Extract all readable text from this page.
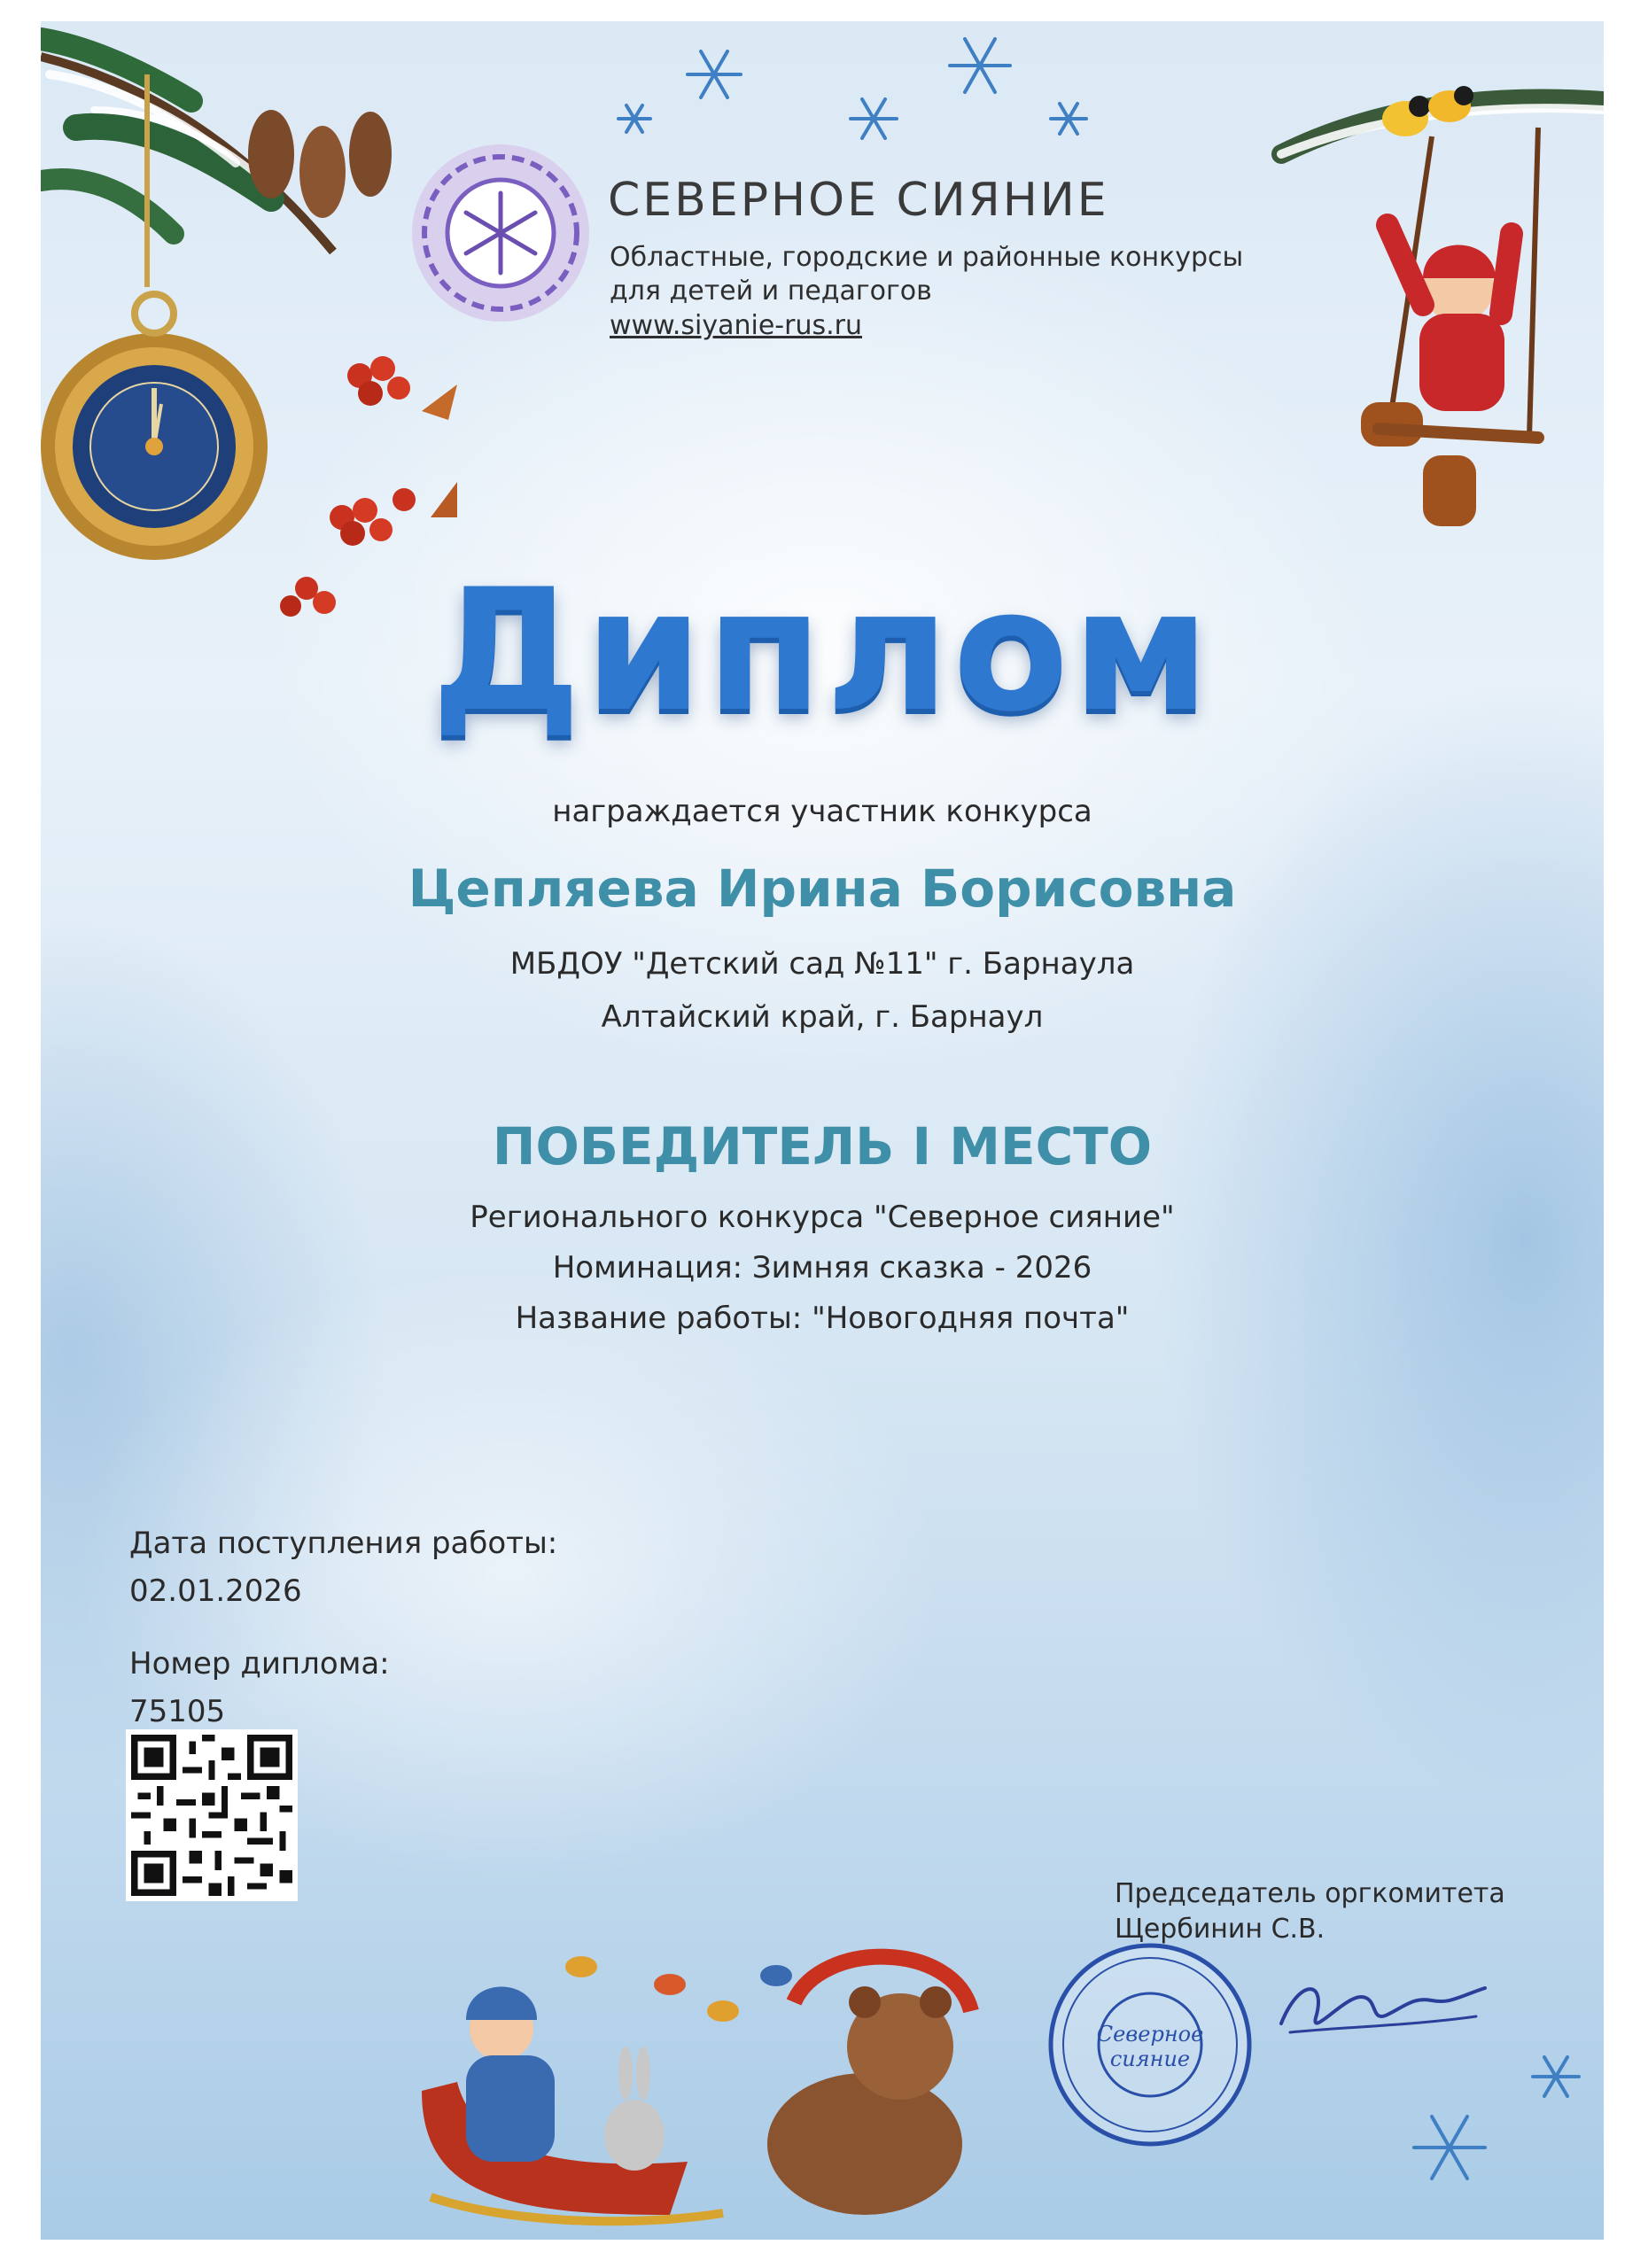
СЕВЕРНОЕ СИЯНИЕ
Областные, городские и районные конкурсы
для детей и педагогов
www.siyanie-rus.ru
Диплом
награждается участник конкурса
Цепляева Ирина Борисовна
МБДОУ "Детский сад №11" г. Барнаула
Алтайский край, г. Барнаул
ПОБЕДИТЕЛЬ I МЕСТО
Регионального конкурса "Северное сияние"
Номинация: Зимняя сказка - 2026
Название работы: "Новогодняя почта"
Дата поступления работы:
02.01.2026
Номер диплома:
75105
Председатель оргкомитета
Щербинин С.В.
Северное
сияние
